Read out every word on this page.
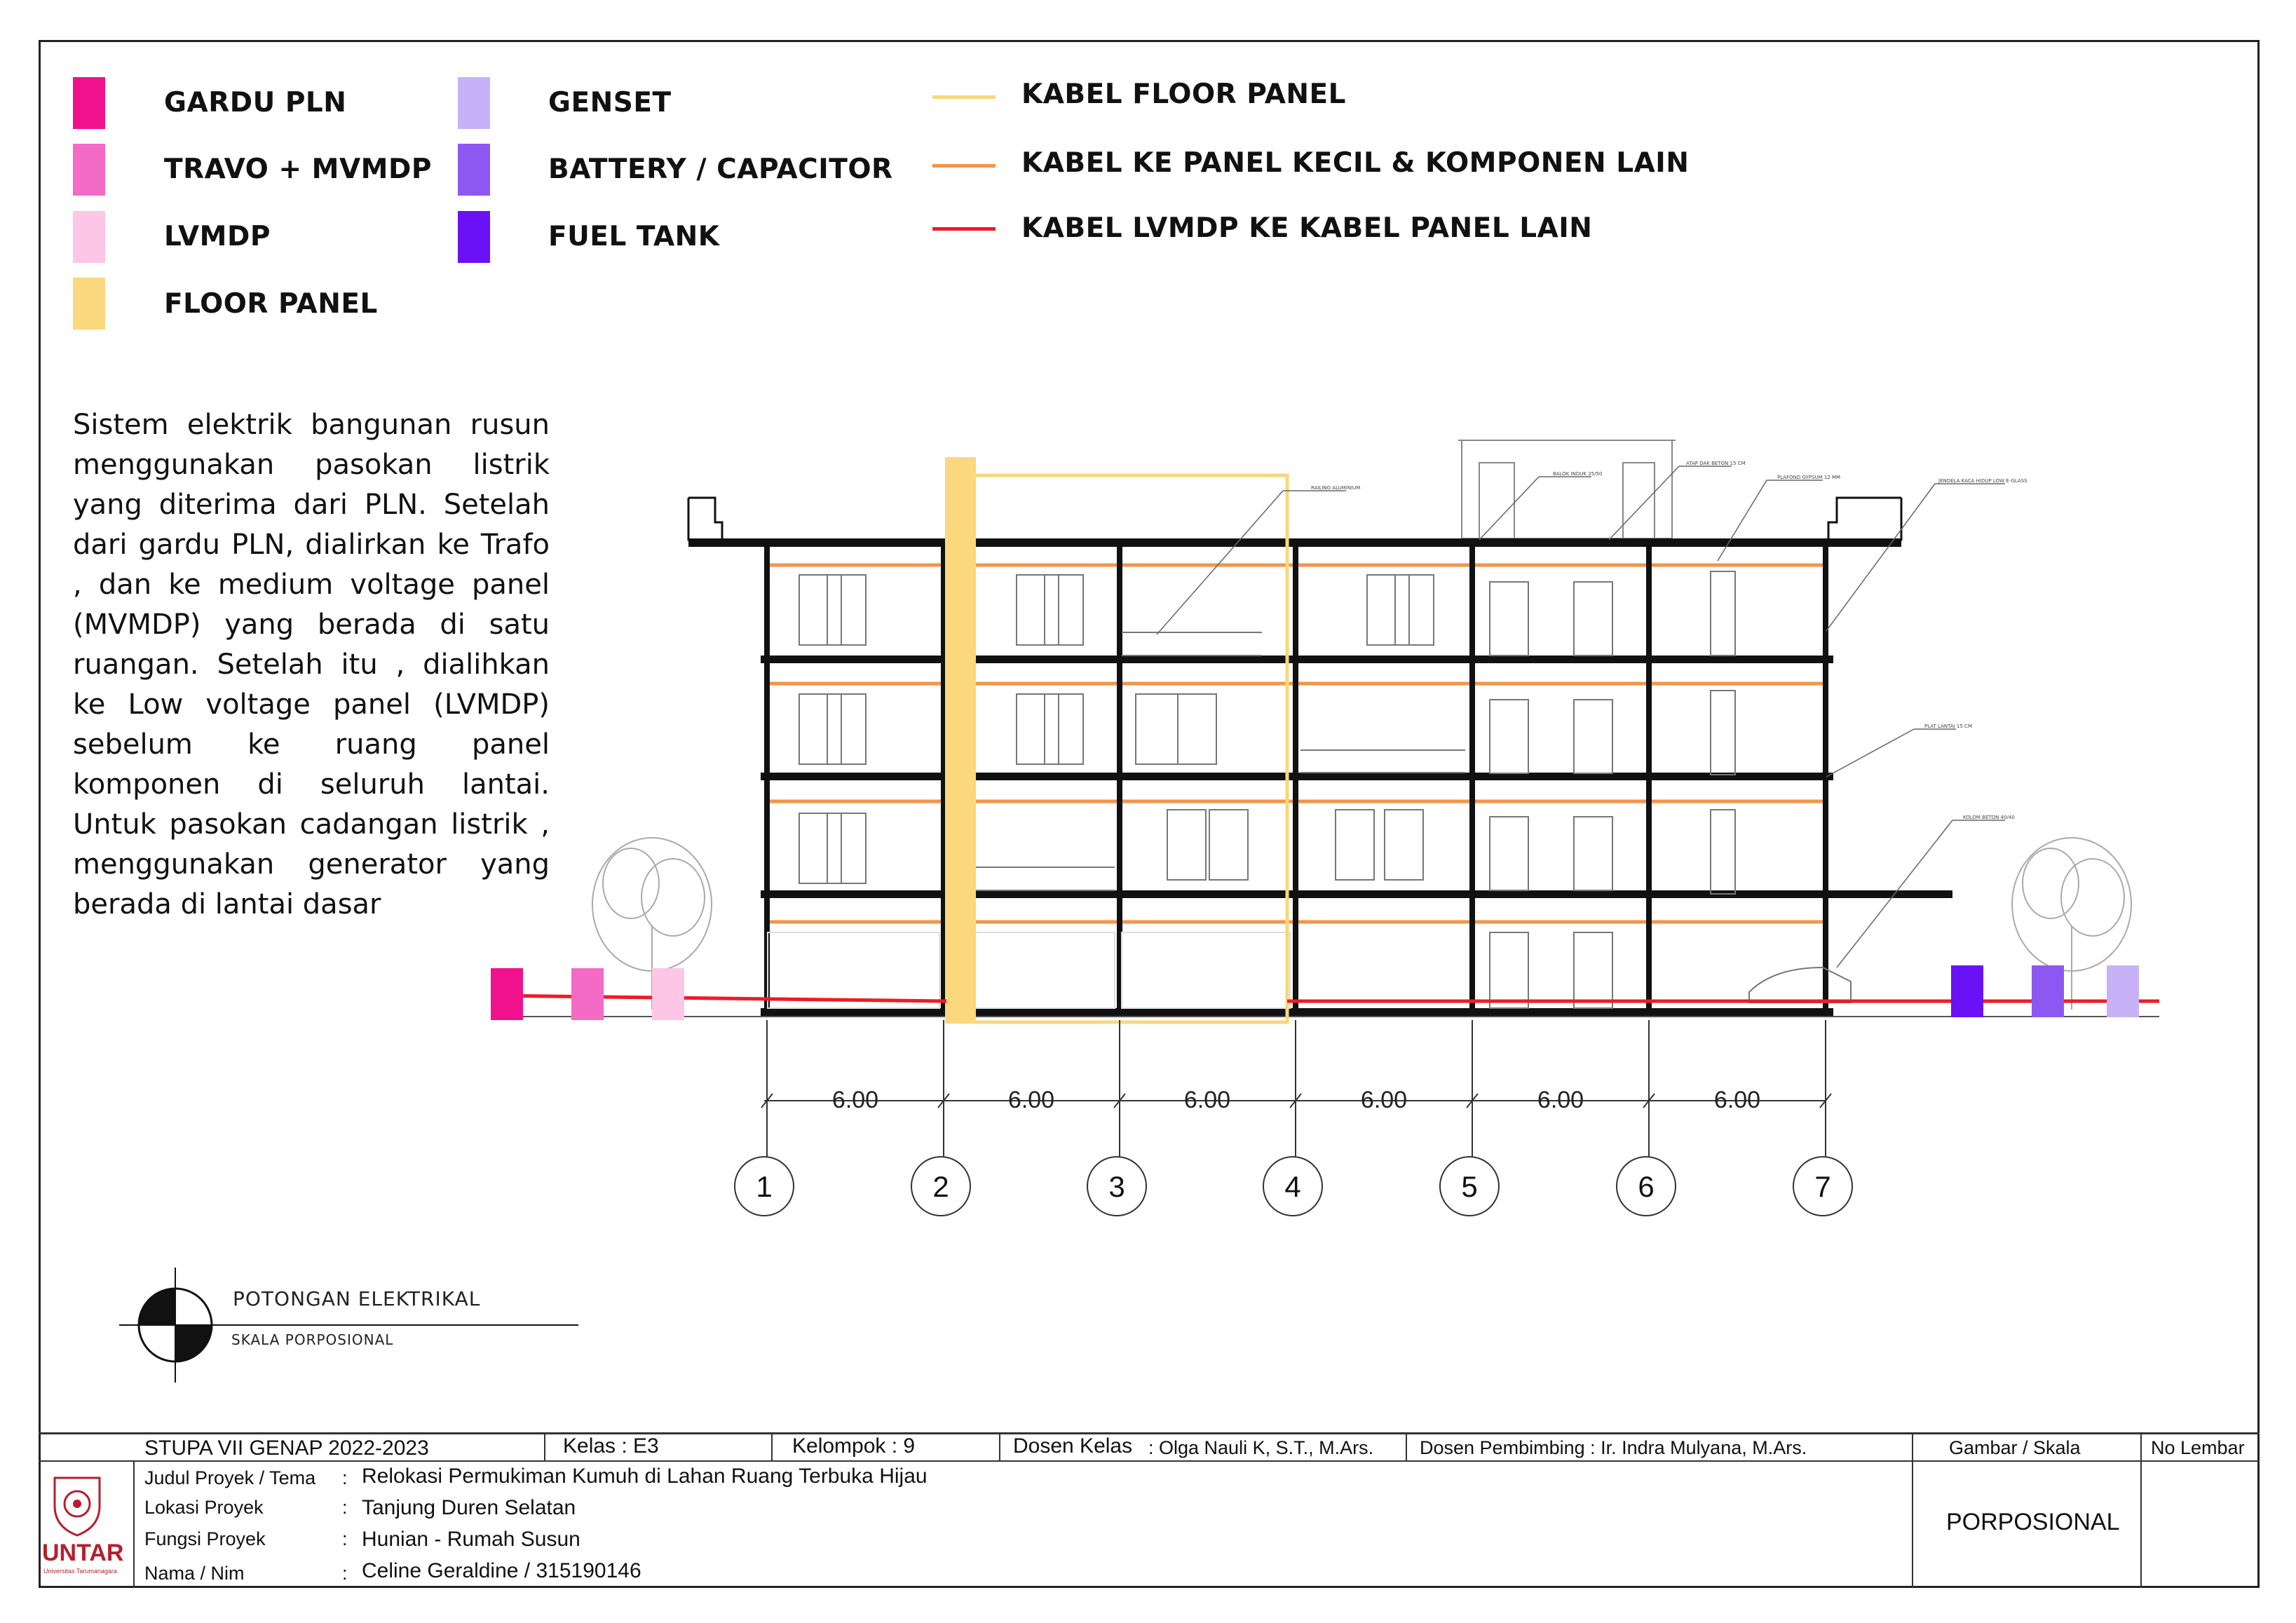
GARDU PLN
TRAVO + MVMDP
LVMDP
FLOOR PANEL
GENSET
BATTERY / CAPACITOR
FUEL TANK
KABEL FLOOR PANEL
KABEL KE PANEL KECIL & KOMPONEN LAIN
KABEL LVMDP KE KABEL PANEL LAIN
Sistem elektrik bangunan rusun menggunakan pasokan listrik yang diterima dari PLN. Setelah dari gardu PLN, dialirkan ke Trafo , dan ke medium voltage panel (MVMDP) yang berada di satu ruangan. Setelah itu , dialihkan ke Low voltage panel (LVMDP) sebelum ke ruang panel komponen di seluruh lantai. Untuk pasokan cadangan listrik , menggunakan generator yang berada di lantai dasar
RAILING ALUMINIUM
BALOK INDUK 25/50
ATAP DAK BETON 15 CM
PLAFOND GYPSUM 12 MM
JENDELA KACA HIDUP LOW E-GLASS
PLAT LANTAI 15 CM
KOLOM BETON 40/40
6.00	6.00	6.00	6.00	6.00	6.00
1	2	3	4	5	6	7
POTONGAN ELEKTRIKAL
SKALA PORPOSIONAL
STUPA VII GENAP 2022-2023	Kelas : E3	Kelompok : 9	Dosen Kelas : Olga Nauli K, S.T., M.Ars. Dosen Pembimbing : Ir. Indra Mulyana, M.Ars.	Gambar / Skala	No Lembar
Judul Proyek / Tema : Relokasi Permukiman Kumuh di Lahan Ruang Terbuka Hijau
Lokasi Proyek	: Tanjung Duren Selatan
Fungsi Proyek	: Hunian - Rumah Susun
Nama / Nim	: Celine Geraldine / 315190146
PORPOSIONAL
UNTAR
Universitas Tarumanagara
